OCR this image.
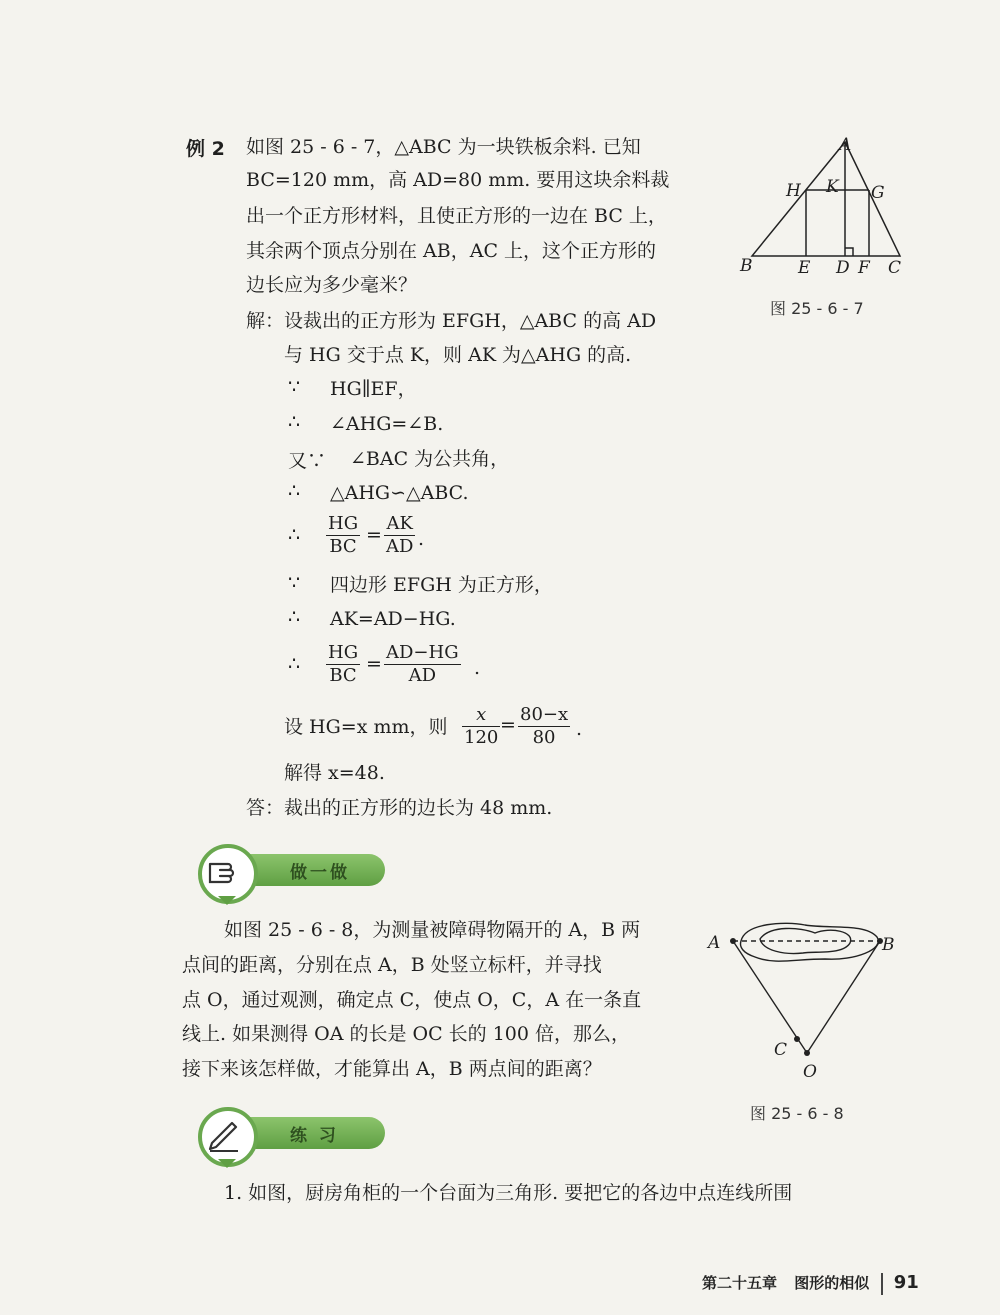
例 2 如图 25 - 6 - 7，△ABC 为一块铁板余料. 已知
BC=120 mm，高 AD=80 mm. 要用这块余料裁
出一个正方形材料，且使正方形的一边在 BC 上，
其余两个顶点分别在 AB，AC 上，这个正方形的
边长应为多少毫米？
解：设裁出的正方形为 EFGH，△ABC 的高 AD
与 HG 交于点 K，则 AK 为△AHG 的高.
∵ HG∥EF，
∴ ∠AHG=∠B.
又∵ ∠BAC 为公共角，
∴ △AHG∽△ABC.
∴ $\frac{HG}{BC} = \frac{AK}{AD}$ .
∵ 四边形 EFGH 为正方形，
∴ AK=AD−HG.
∴ $\frac{HG}{BC} = \frac{AD-HG}{AD}$ .
设 HG=x mm，则 $\frac{x}{120} = \frac{80-x}{80}$ .
解得 x=48.
答：裁出的正方形的边长为 48 mm.
A
H K G
B	E D F C
图 25 - 6 - 7
做一做
如图 25 - 6 - 8，为测量被障碍物隔开的 A，B 两
点间的距离，分别在点 A，B 处竖立标杆，并寻找
点 O，通过观测，确定点 C，使点 O，C，A 在一条直
线上. 如果测得 OA 的长是 OC 长的 100 倍，那么，
接下来该怎样做，才能算出 A，B 两点间的距离？
A	B
C
O
图 25 - 6 - 8
练 习
1. 如图，厨房角柜的一个台面为三角形. 要把它的各边中点连线所围
第二十五章 图形的相似 91
